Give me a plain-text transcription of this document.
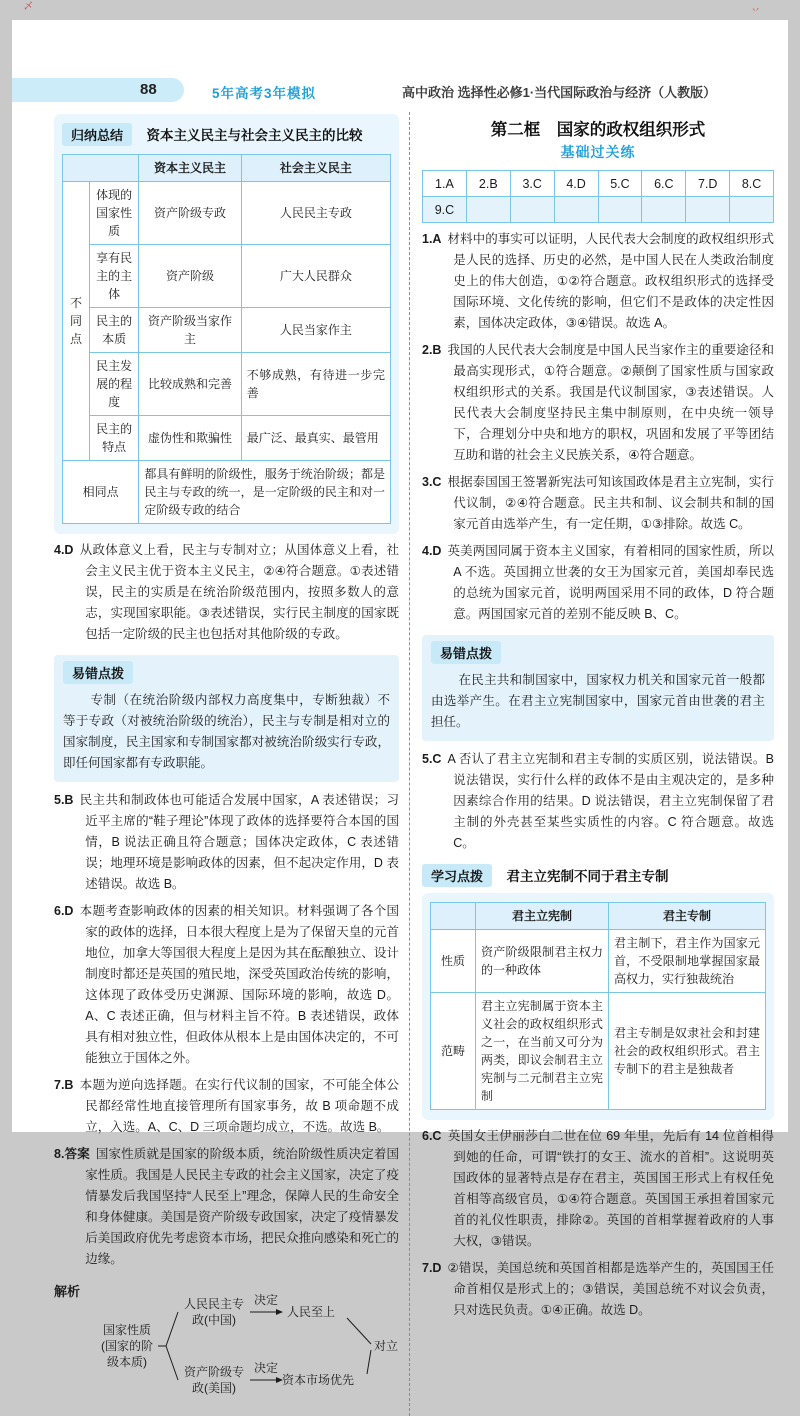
乄	丷
88	5年高考3年模拟	高中政治 选择性必修1·当代国际政治与经济（人教版）
归纳总结 资本主义民主与社会主义民主的比较
		资本主义民主	社会主义民主
不同点	体现的国家性质	资产阶级专政	人民民主专政
	享有民主的主体	资产阶级	广大人民群众
	民主的本质	资产阶级当家作主	人民当家作主
	民主发展的程度	比较成熟和完善	不够成熟，有待进一步完善
	民主的特点	虚伪性和欺骗性	最广泛、最真实、最管用
相同点		都具有鲜明的阶级性，服务于统治阶级；都是民主与专政的统一，是一定阶级的民主和对一定阶级专政的结合	

4.D 从政体意义上看，民主与专制对立；从国体意义上看，社会主义民主优于资本主义民主，②④符合题意。①表述错误，民主的实质是在统治阶级范围内，按照多数人的意志，实现国家职能。③表述错误，实行民主制度的国家既包括一定阶级的民主也包括对其他阶级的专政。

易错点拨

专制（在统治阶级内部权力高度集中，专断独裁）不等于专政（对被统治阶级的统治），民主与专制是相对立的国家制度，民主国家和专制国家都对被统治阶级实行专政，即任何国家都有专政职能。

5.B 民主共和制政体也可能适合发展中国家，A 表述错误；习近平主席的“鞋子理论”体现了政体的选择要符合本国的国情，B 说法正确且符合题意；国体决定政体，C 表述错误；地理环境是影响政体的因素，但不起决定作用，D 表述错误。故选 B。

6.D 本题考查影响政体的因素的相关知识。材料强调了各个国家的政体的选择，日本很大程度上是为了保留天皇的元首地位，加拿大等国很大程度上是因为其在酝酿独立、设计制度时都还是英国的殖民地，深受英国政治传统的影响，这体现了政体受历史渊源、国际环境的影响，故选 D。A、C 表述正确，但与材料主旨不符。B 表述错误，政体具有相对独立性，但政体从根本上是由国体决定的，不可能独立于国体之外。

7.B 本题为逆向选择题。在实行代议制的国家，不可能全体公民都经常性地直接管理所有国家事务，故 B 项命题不成立，入选。A、C、D 三项命题均成立，不选。故选 B。

8.答案 国家性质就是国家的阶级本质，统治阶级性质决定着国家性质。我国是人民民主专政的社会主义国家，决定了疫情暴发后我国坚持“人民至上”理念，保障人民的生命安全和身体健康。美国是资产阶级专政国家，决定了疫情暴发后美国政府优先考虑资本市场，把民众推向感染和死亡的边缘。

解析
国家性质(国家的阶级本质)
人民民主专政(中国)
决定
人民至上
资产阶级专政(美国)
决定
资本市场优先
对立
第二框　国家的政权组织形式
基础过关练
1.A	2.B	3.C	4.D	5.C	6.C	7.D	8.C
9.C							

1.A 材料中的事实可以证明，人民代表大会制度的政权组织形式是人民的选择、历史的必然，是中国人民在人类政治制度史上的伟大创造，①②符合题意。政权组织形式的选择受国际环境、文化传统的影响，但它们不是政体的决定性因素，国体决定政体，③④错误。故选 A。

2.B 我国的人民代表大会制度是中国人民当家作主的重要途径和最高实现形式，①符合题意。②颠倒了国家性质与国家政权组织形式的关系。我国是代议制国家，③表述错误。人民代表大会制度坚持民主集中制原则，在中央统一领导下，合理划分中央和地方的职权，巩固和发展了平等团结互助和谐的社会主义民族关系，④符合题意。

3.C 根据泰国国王签署新宪法可知该国政体是君主立宪制，实行代议制，②④符合题意。民主共和制、议会制共和制的国家元首由选举产生，有一定任期，①③排除。故选 C。

4.D 英美两国同属于资本主义国家，有着相同的国家性质，所以 A 不选。英国拥立世袭的女王为国家元首，美国却奉民选的总统为国家元首，说明两国采用不同的政体，D 符合题意。两国国家元首的差别不能反映 B、C。

易错点拨

在民主共和制国家中，国家权力机关和国家元首一般都由选举产生。在君主立宪制国家中，国家元首由世袭的君主担任。

5.C A 否认了君主立宪制和君主专制的实质区别，说法错误。B 说法错误，实行什么样的政体不是由主观决定的，是多种因素综合作用的结果。D 说法错误，君主立宪制保留了君主制的外壳甚至某些实质性的内容。C 符合题意。故选 C。

学习点拨 君主立宪制不同于君主专制
	君主立宪制	君主专制
性质	资产阶级限制君主权力的一种政体	君主制下，君主作为国家元首，不受限制地掌握国家最高权力，实行独裁统治
范畴	君主立宪制属于资本主义社会的政权组织形式之一，在当前又可分为两类，即议会制君主立宪制与二元制君主立宪制	君主专制是奴隶社会和封建社会的政权组织形式。君主专制下的君主是独裁者

6.C 英国女王伊丽莎白二世在位 69 年里，先后有 14 位首相得到她的任命，可谓“铁打的女王、流水的首相”。这说明英国政体的显著特点是存在君主，英国国王形式上有权任免首相等高级官员，①④符合题意。英国国王承担着国家元首的礼仪性职责，排除②。英国的首相掌握着政府的人事大权，③错误。

7.D ②错误，美国总统和英国首相都是选举产生的，英国国王任命首相仅是形式上的；③错误，美国总统不对议会负责，只对选民负责。①④正确。故选 D。
